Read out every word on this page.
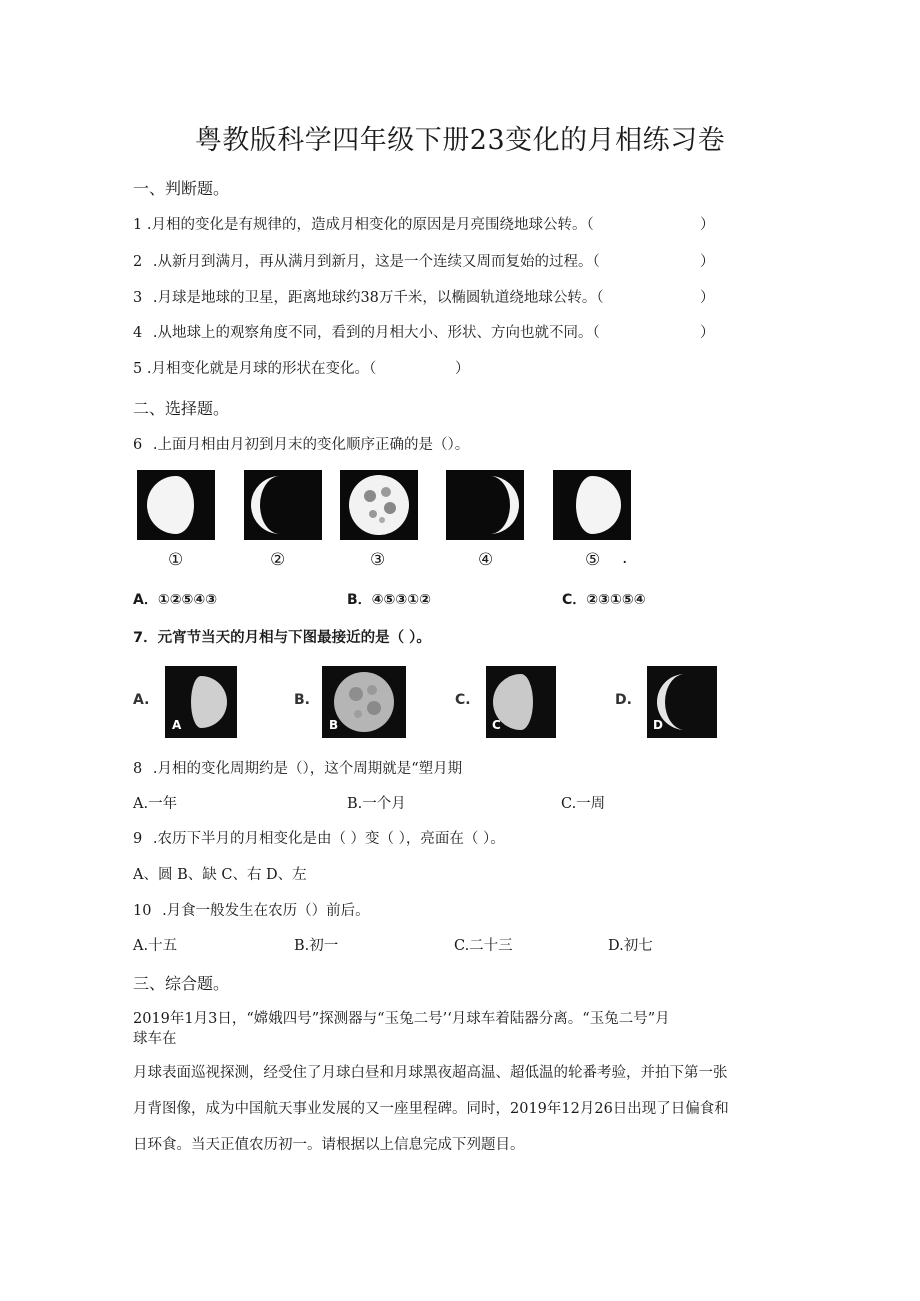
粤教版科学四年级下册23变化的月相练习卷
一、判断题。
1 .月相的变化是有规律的，造成月相变化的原因是月亮围绕地球公转。（	）
2 .从新月到满月，再从满月到新月，这是一个连续又周而复始的过程。（	）
3 .月球是地球的卫星，距离地球约38万千米，以椭圆轨道绕地球公转。（	）
4 .从地球上的观察角度不同，看到的月相大小、形状、方向也就不同。（	）
5 .月相变化就是月球的形状在变化。（	）
二、选择题。
6 .上面月相由月初到月末的变化顺序正确的是（）。
①	②	③	④	⑤ .
A．①②⑤④③	B．④⑤③①②	C．②③①⑤④
7．元宵节当天的月相与下图最接近的是（ ）。
A.	B.	C.	D.
A	B	C	D
8 .月相的变化周期约是（），这个周期就是“塑月期
A.一年	B.一个月	C.一周
9 .农历下半月的月相变化是由（ ）变（ ），亮面在（ ）。
A、圆 B、缺 C、右 D、左
10 .月食一般发生在农历（）前后。
A.十五	B.初一	C.二十三	D.初七
三、综合题。
2019年1月3日，“嫦娥四号”探测器与“玉兔二号’‘月球车着陆器分离。“玉兔二号”月
球车在
月球表面巡视探测，经受住了月球白昼和月球黑夜超高温、超低温的轮番考验，并拍下第一张
月背图像，成为中国航天事业发展的又一座里程碑。同时，2019年12月26日出现了日偏食和
日环食。当天正值农历初一。请根据以上信息完成下列题目。
